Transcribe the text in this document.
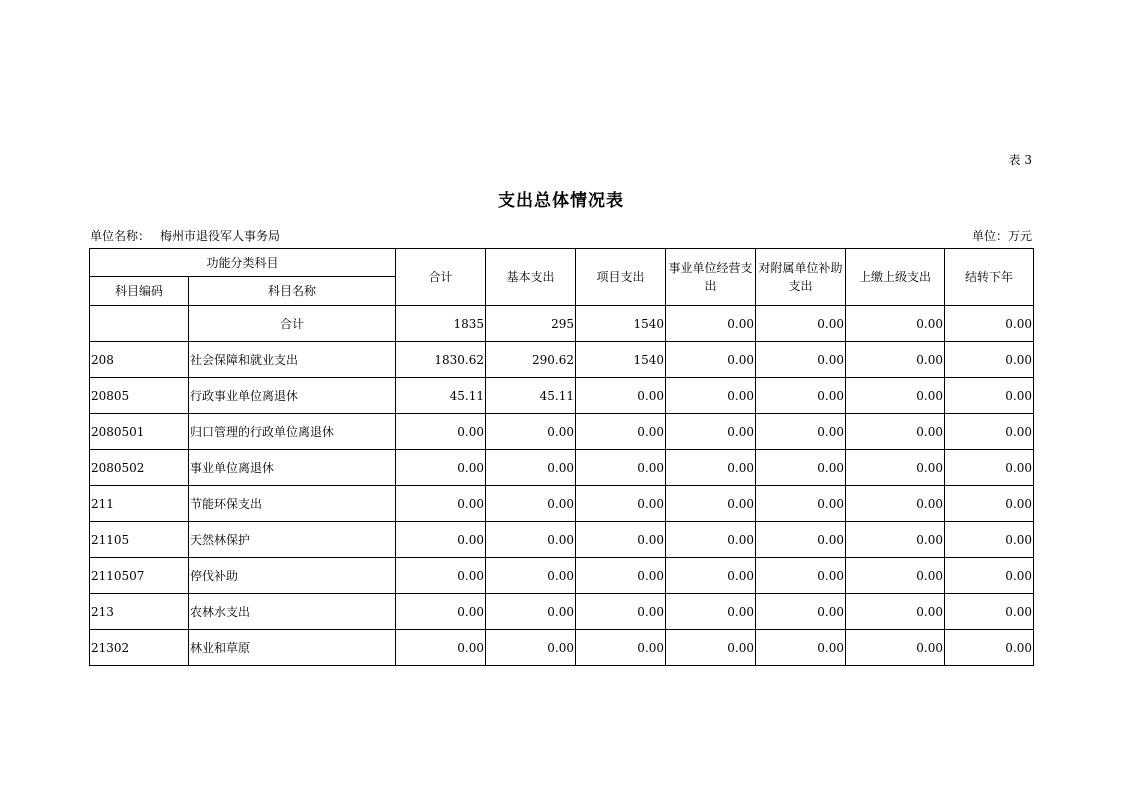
表 3
支出总体情况表
单位名称： 梅州市退役军人事务局	单位：万元
功能分类科目		合计	基本支出	项目支出	事业单位经营支出	对附属单位补助支出	上缴上级支出	结转下年
科目编码	科目名称							
	合计	1835	295	1540	0.00	0.00	0.00	0.00
208	社会保障和就业支出	1830.62	290.62	1540	0.00	0.00	0.00	0.00
20805	行政事业单位离退休	45.11	45.11	0.00	0.00	0.00	0.00	0.00
2080501	归口管理的行政单位离退休	0.00	0.00	0.00	0.00	0.00	0.00	0.00
2080502	事业单位离退休	0.00	0.00	0.00	0.00	0.00	0.00	0.00
211	节能环保支出	0.00	0.00	0.00	0.00	0.00	0.00	0.00
21105	天然林保护	0.00	0.00	0.00	0.00	0.00	0.00	0.00
2110507	停伐补助	0.00	0.00	0.00	0.00	0.00	0.00	0.00
213	农林水支出	0.00	0.00	0.00	0.00	0.00	0.00	0.00
21302	林业和草原	0.00	0.00	0.00	0.00	0.00	0.00	0.00
